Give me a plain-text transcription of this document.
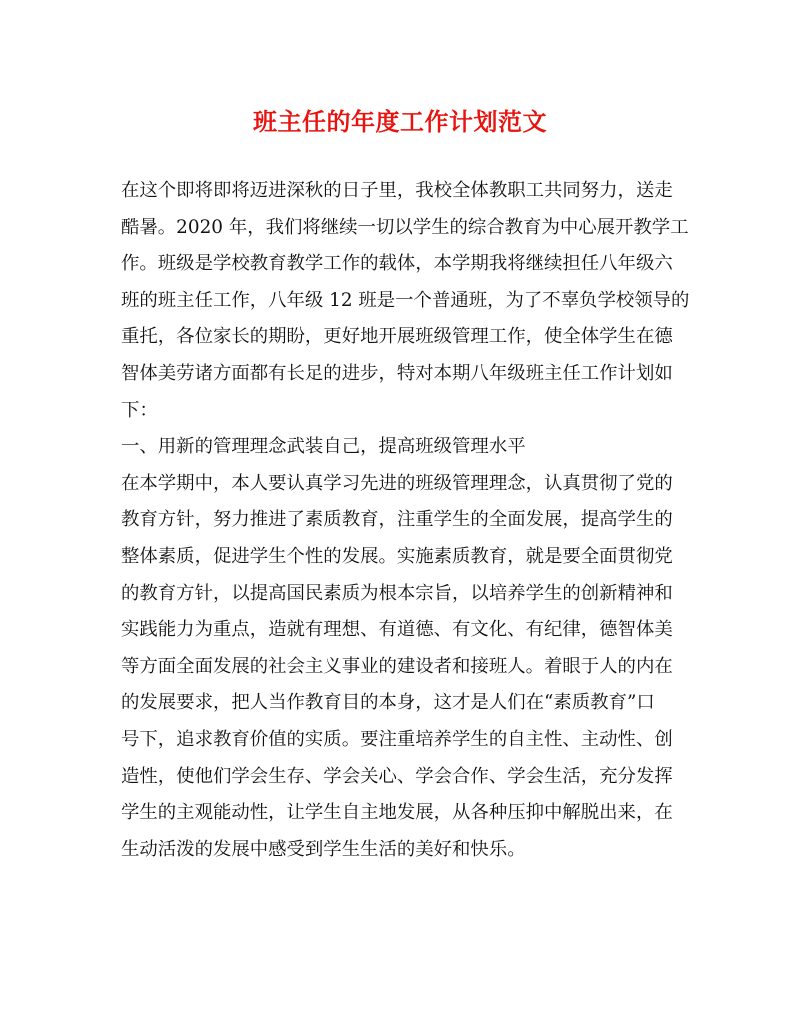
班主任的年度工作计划范文
在这个即将即将迈进深秋的日子里，我校全体教职工共同努力，送走
酷暑。2020 年，我们将继续一切以学生的综合教育为中心展开教学工
作。班级是学校教育教学工作的载体，本学期我将继续担任八年级六
班的班主任工作，八年级 12 班是一个普通班，为了不辜负学校领导的
重托，各位家长的期盼，更好地开展班级管理工作，使全体学生在德
智体美劳诸方面都有长足的进步，特对本期八年级班主任工作计划如
下：
一、用新的管理理念武装自己，提高班级管理水平
在本学期中，本人要认真学习先进的班级管理理念，认真贯彻了党的
教育方针，努力推进了素质教育，注重学生的全面发展，提高学生的
整体素质，促进学生个性的发展。实施素质教育，就是要全面贯彻党
的教育方针，以提高国民素质为根本宗旨，以培养学生的创新精神和
实践能力为重点，造就有理想、有道德、有文化、有纪律，德智体美
等方面全面发展的社会主义事业的建设者和接班人。着眼于人的内在
的发展要求，把人当作教育目的本身，这才是人们在“素质教育”口
号下，追求教育价值的实质。要注重培养学生的自主性、主动性、创
造性，使他们学会生存、学会关心、学会合作、学会生活，充分发挥
学生的主观能动性，让学生自主地发展，从各种压抑中解脱出来，在
生动活泼的发展中感受到学生生活的美好和快乐。
